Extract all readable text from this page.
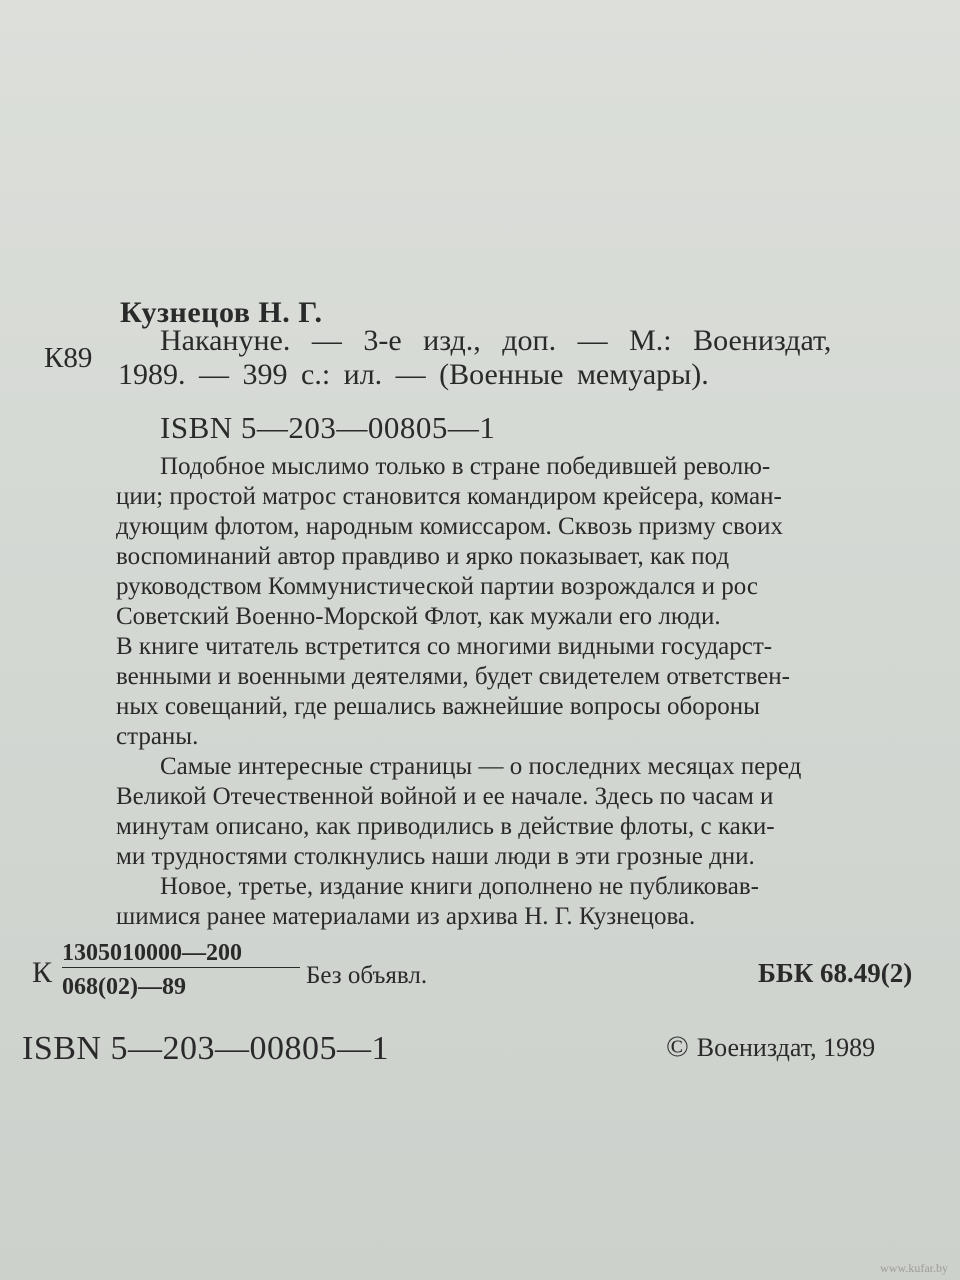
Кузнецов Н. Г.
К89
Накануне. — 3-е изд., доп. — М.: Воениздат,
1989. — 399 с.: ил. — (Военные мемуары).
ISBN 5—203—00805—1

Подобное мыслимо только в стране победившей револю-
ции; простой матрос становится командиром крейсера, коман-
дующим флотом, народным комиссаром. Сквозь призму своих
воспоминаний автор правдиво и ярко показывает, как под
руководством Коммунистической партии возрождался и рос
Советский Военно-Морской Флот, как мужали его люди.
В книге читатель встретится со многими видными государст-
венными и военными деятелями, будет свидетелем ответствен-
ных совещаний, где решались важнейшие вопросы обороны
страны.
Самые интересные страницы — о последних месяцах перед
Великой Отечественной войной и ее начале. Здесь по часам и
минутам описано, как приводились в действие флоты, с каки-
ми трудностями столкнулись наши люди в эти грозные дни.
Новое, третье, издание книги дополнено не публиковав-
шимися ранее материалами из архива Н. Г. Кузнецова.

К $\frac{1305010000—200}{068(02)—89}$ Без объявл.	ББК 68.49(2)
ISBN 5—203—00805—1	© Воениздат, 1989
www.kufar.by
